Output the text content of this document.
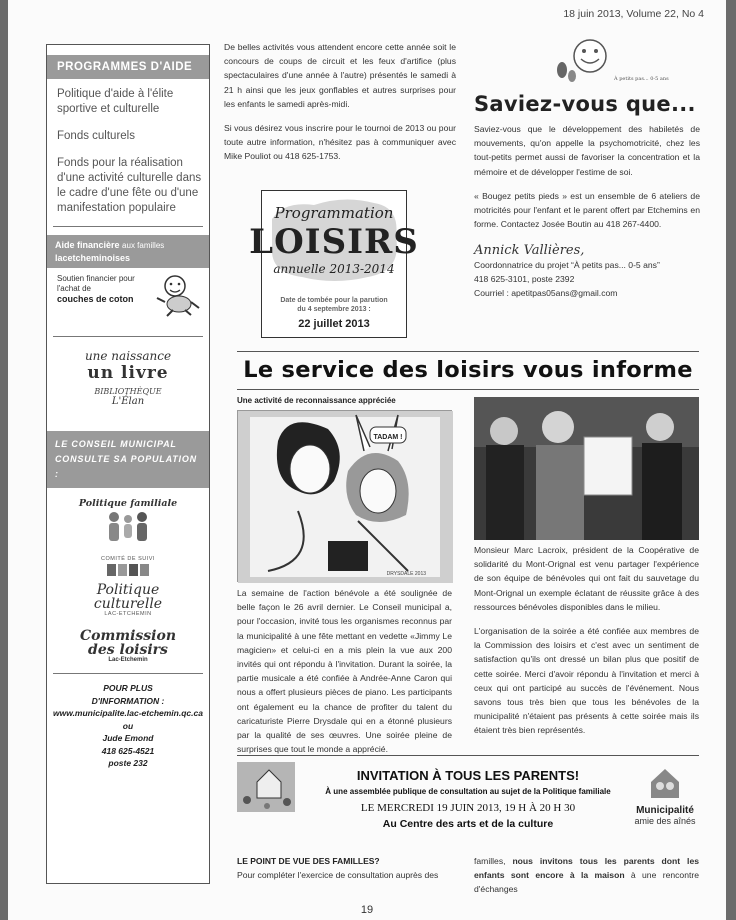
18 juin 2013, Volume 22, No 4
PROGRAMMES D'AIDE
Politique d'aide à l'élite sportive et culturelle
Fonds culturels
Fonds pour la réalisation d'une activité culturelle dans le cadre d'une fête ou d'une manifestation populaire
Aide financière aux familles
lacetcheminoises
Soutien financier pour l'achat de
couches de coton
une naissance
un livre
BIBLIOTHÈQUE
L'Élan
LE CONSEIL MUNICIPAL CONSULTE SA POPULATION :
Politique familiale
COMITÉ DE SUIVI
Politique
culturelle
LAC-ETCHEMIN
Commission
des loisirs
Lac-Etchemin
POUR PLUS
D'INFORMATION :
www.municipalite.lac-etchemin.qc.ca
ou
Jude Emond
418 625-4521
poste 232

De belles activités vous attendent encore cette année soit le concours de coups de circuit et les feux d'artifice (plus spectaculaires d'une année à l'autre) présentés le samedi à 21 h ainsi que les jeux gonflables et autres surprises pour les enfants le samedi après-midi.

Si vous désirez vous inscrire pour le tournoi de 2013 ou pour toute autre information, n'hésitez pas à communiquer avec Mike Pouliot ou 418 625-1753.

Programmation
LOISIRS
annuelle 2013-2014
Date de tombée pour la parution
du 4 septembre 2013 :
22 juillet 2013
À petits pas... 0-5 ans
Saviez-vous que...

Saviez-vous que le développement des habiletés de mouvements, qu'on appelle la psychomotricité, chez les tout-petits permet aussi de favoriser la concentration et la mémoire et de développer l'estime de soi.

« Bougez petits pieds » est un ensemble de 6 ateliers de motricités pour l'enfant et le parent offert par Etchemins en forme. Contactez Josée Boutin au 418 267-4400.

Annick Vallières,
Coordonnatrice du projet “À petits pas... 0-5 ans”
418 625-3101, poste 2392
Courriel : apetitpas05ans@gmail.com
Le service des loisirs vous informe
Une activité de reconnaissance appréciée
TADAM !
DRYSDALE 2013

La semaine de l'action bénévole a été soulignée de belle façon le 26 avril dernier. Le Conseil municipal a, pour l'occasion, invité tous les organismes reconnus par la municipalité à une fête mettant en vedette «Jimmy Le magicien» et celui-ci en a mis plein la vue aux 200 invités qui ont répondu à l'invitation. Durant la soirée, la partie musicale a été confiée à Andrée-Anne Caron qui nous a offert plusieurs pièces de piano. Les participants ont également eu la chance de profiter du talent du caricaturiste Pierre Drysdale qui en a étonné plusieurs par la qualité de ses œuvres. Une soirée pleine de surprises que tout le monde a apprécié.

Monsieur Marc Lacroix, président de la Coopérative de solidarité du Mont-Orignal est venu partager l'expérience de son équipe de bénévoles qui ont fait du sauvetage du Mont-Orignal un exemple éclatant de réussite grâce à des ressources bénévoles disponibles dans le milieu.

L'organisation de la soirée a été confiée aux membres de la Commission des loisirs et c'est avec un sentiment de satisfaction qu'ils ont dressé un bilan plus que positif de cette soirée. Merci d'avoir répondu à l'invitation et merci à ceux qui ont participé au succès de l'événement. Nous savons tous très bien que tous les bénévoles de la municipalité n'étaient pas présents à cette soirée mais ils étaient très bien représentés.

INVITATION À TOUS LES PARENTS!
À une assemblée publique de consultation au sujet de la Politique familiale
LE MERCREDI 19 JUIN 2013, 19 H À 20 H 30
Au Centre des arts et de la culture
Municipalité
amie des aînés
LE POINT DE VUE DES FAMILLES?
Pour compléter l'exercice de consultation auprès des
familles, nous invitons tous les parents dont les enfants sont encore à la maison à une rencontre d'échanges
19
